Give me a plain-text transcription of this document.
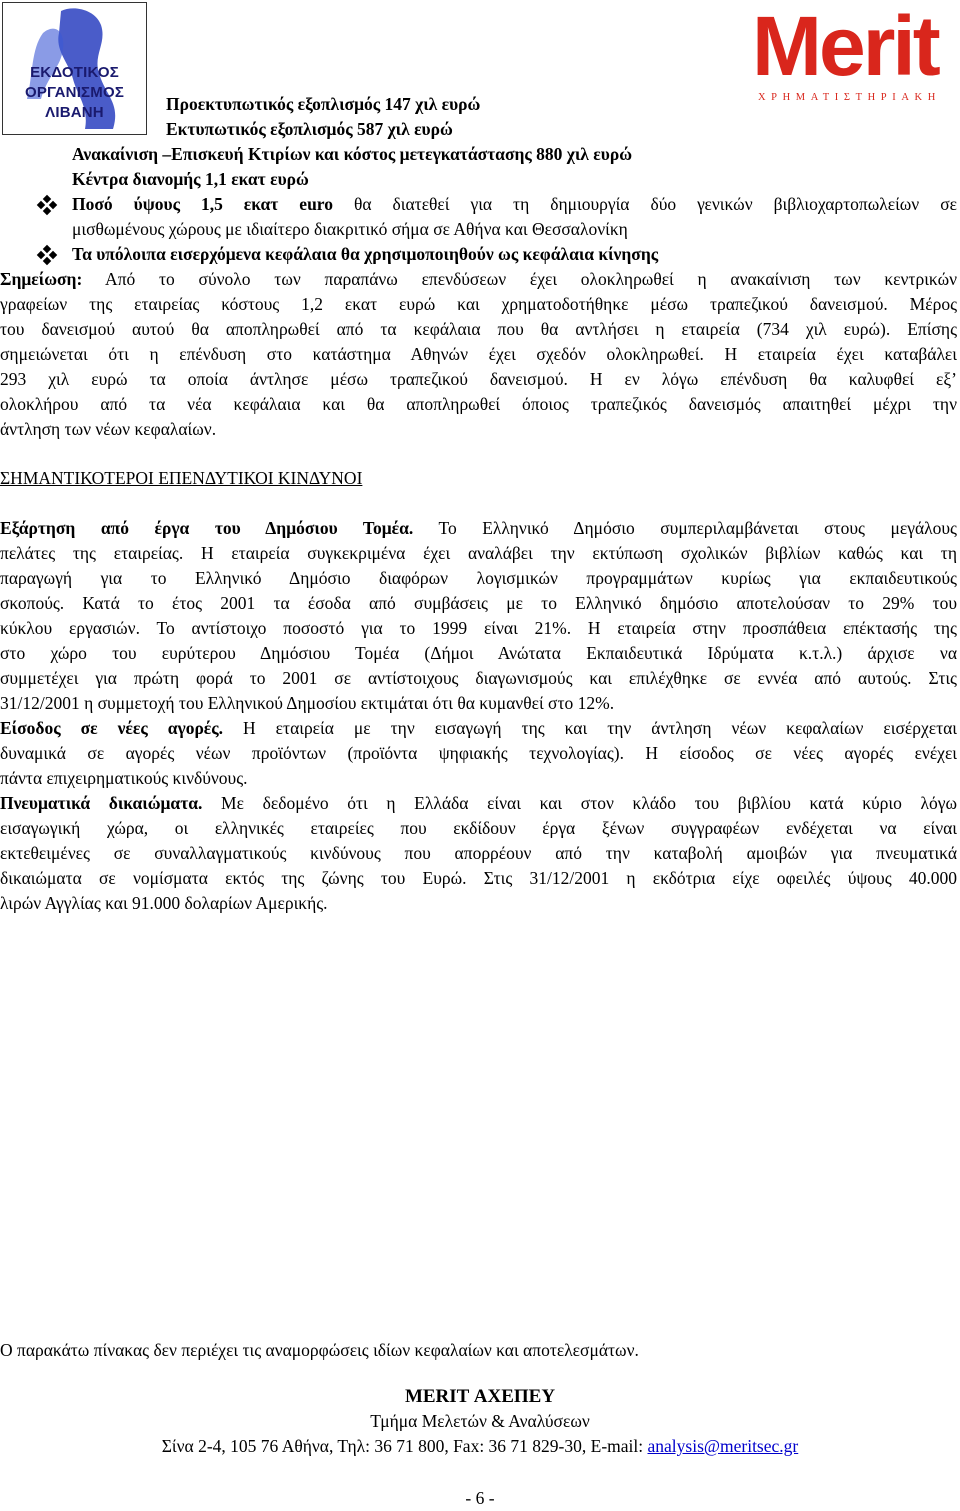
ΕΚΔΟΤΙΚΟΣ
ΟΡΓΑΝΙΣΜΟΣ
ΛΙΒΑΝΗ
Merit
ΧΡΗΜΑΤΙΣΤΗΡΙΑΚΗ
Προεκτυπωτικός εξοπλισμός 147 χιλ ευρώ
Εκτυπωτικός εξοπλισμός 587 χιλ ευρώ
Ανακαίνιση –Επισκευή Κτιρίων και κόστος μετεγκατάστασης 880 χιλ ευρώ
Κέντρα διανομής 1,1 εκατ ευρώ
Ποσό ύψους 1,5 εκατ euro θα διατεθεί για τη δημιουργία δύο γενικών βιβλιοχαρτοπωλείων σε
μισθωμένους χώρους με ιδιαίτερο διακριτικό σήμα σε Αθήνα και Θεσσαλονίκη
Τα υπόλοιπα εισερχόμενα κεφάλαια θα χρησιμοποιηθούν ως κεφάλαια κίνησης
Σημείωση: Από το σύνολο των παραπάνω επενδύσεων έχει ολοκληρωθεί η ανακαίνιση των κεντρικών
γραφείων της εταιρείας κόστους 1,2 εκατ ευρώ και χρηματοδοτήθηκε μέσω τραπεζικού δανεισμού. Μέρος
του δανεισμού αυτού θα αποπληρωθεί από τα κεφάλαια που θα αντλήσει η εταιρεία (734 χιλ ευρώ). Επίσης
σημειώνεται ότι η επένδυση στο κατάστημα Αθηνών έχει σχεδόν ολοκληρωθεί. Η εταιρεία έχει καταβάλει
293 χιλ ευρώ τα οποία άντλησε μέσω τραπεζικού δανεισμού. Η εν λόγω επένδυση θα καλυφθεί εξ’
ολοκλήρου από τα νέα κεφάλαια και θα αποπληρωθεί όποιος τραπεζικός δανεισμός απαιτηθεί μέχρι την
άντληση των νέων κεφαλαίων.
ΣΗΜΑΝΤΙΚΟΤΕΡΟΙ ΕΠΕΝΔΥΤΙΚΟΙ ΚΙΝΔΥΝΟΙ
Εξάρτηση από έργα του Δημόσιου Τομέα. Το Ελληνικό Δημόσιο συμπεριλαμβάνεται στους μεγάλους
πελάτες της εταιρείας. Η εταιρεία συγκεκριμένα έχει αναλάβει την εκτύπωση σχολικών βιβλίων καθώς και τη
παραγωγή για το Ελληνικό Δημόσιο διαφόρων λογισμικών προγραμμάτων κυρίως για εκπαιδευτικούς
σκοπούς. Κατά το έτος 2001 τα έσοδα από συμβάσεις με το Ελληνικό δημόσιο αποτελούσαν το 29% του
κύκλου εργασιών. Το αντίστοιχο ποσοστό για το 1999 είναι 21%. Η εταιρεία στην προσπάθεια επέκτασής της
στο χώρο του ευρύτερου Δημόσιου Τομέα (Δήμοι Ανώτατα Εκπαιδευτικά Ιδρύματα κ.τ.λ.) άρχισε να
συμμετέχει για πρώτη φορά το 2001 σε αντίστοιχους διαγωνισμούς και επιλέχθηκε σε εννέα από αυτούς. Στις
31/12/2001 η συμμετοχή του Ελληνικού Δημοσίου εκτιμάται ότι θα κυμανθεί στο 12%.
Είσοδος σε νέες αγορές. Η εταιρεία με την εισαγωγή της και την άντληση νέων κεφαλαίων εισέρχεται
δυναμικά σε αγορές νέων προϊόντων (προϊόντα ψηφιακής τεχνολογίας). Η είσοδος σε νέες αγορές ενέχει
πάντα επιχειρηματικούς κινδύνους.
Πνευματικά δικαιώματα. Με δεδομένο ότι η Ελλάδα είναι και στον κλάδο του βιβλίου κατά κύριο λόγω
εισαγωγική χώρα, οι ελληνικές εταιρείες που εκδίδουν έργα ξένων συγγραφέων ενδέχεται να είναι
εκτεθειμένες σε συναλλαγματικούς κινδύνους που απορρέουν από την καταβολή αμοιβών για πνευματικά
δικαιώματα σε νομίσματα εκτός της ζώνης του Ευρώ. Στις 31/12/2001 η εκδότρια είχε οφειλές ύψους 40.000
λιρών Αγγλίας και 91.000 δολαρίων Αμερικής.
Ο παρακάτω πίνακας δεν περιέχει τις αναμορφώσεις ιδίων κεφαλαίων και αποτελεσμάτων.
MERIT ΑΧΕΠΕΥ
Τμήμα Μελετών & Αναλύσεων
Σίνα 2-4, 105 76 Αθήνα, Τηλ: 36 71 800, Fax: 36 71 829-30, E-mail: analysis@meritsec.gr
- 6 -
